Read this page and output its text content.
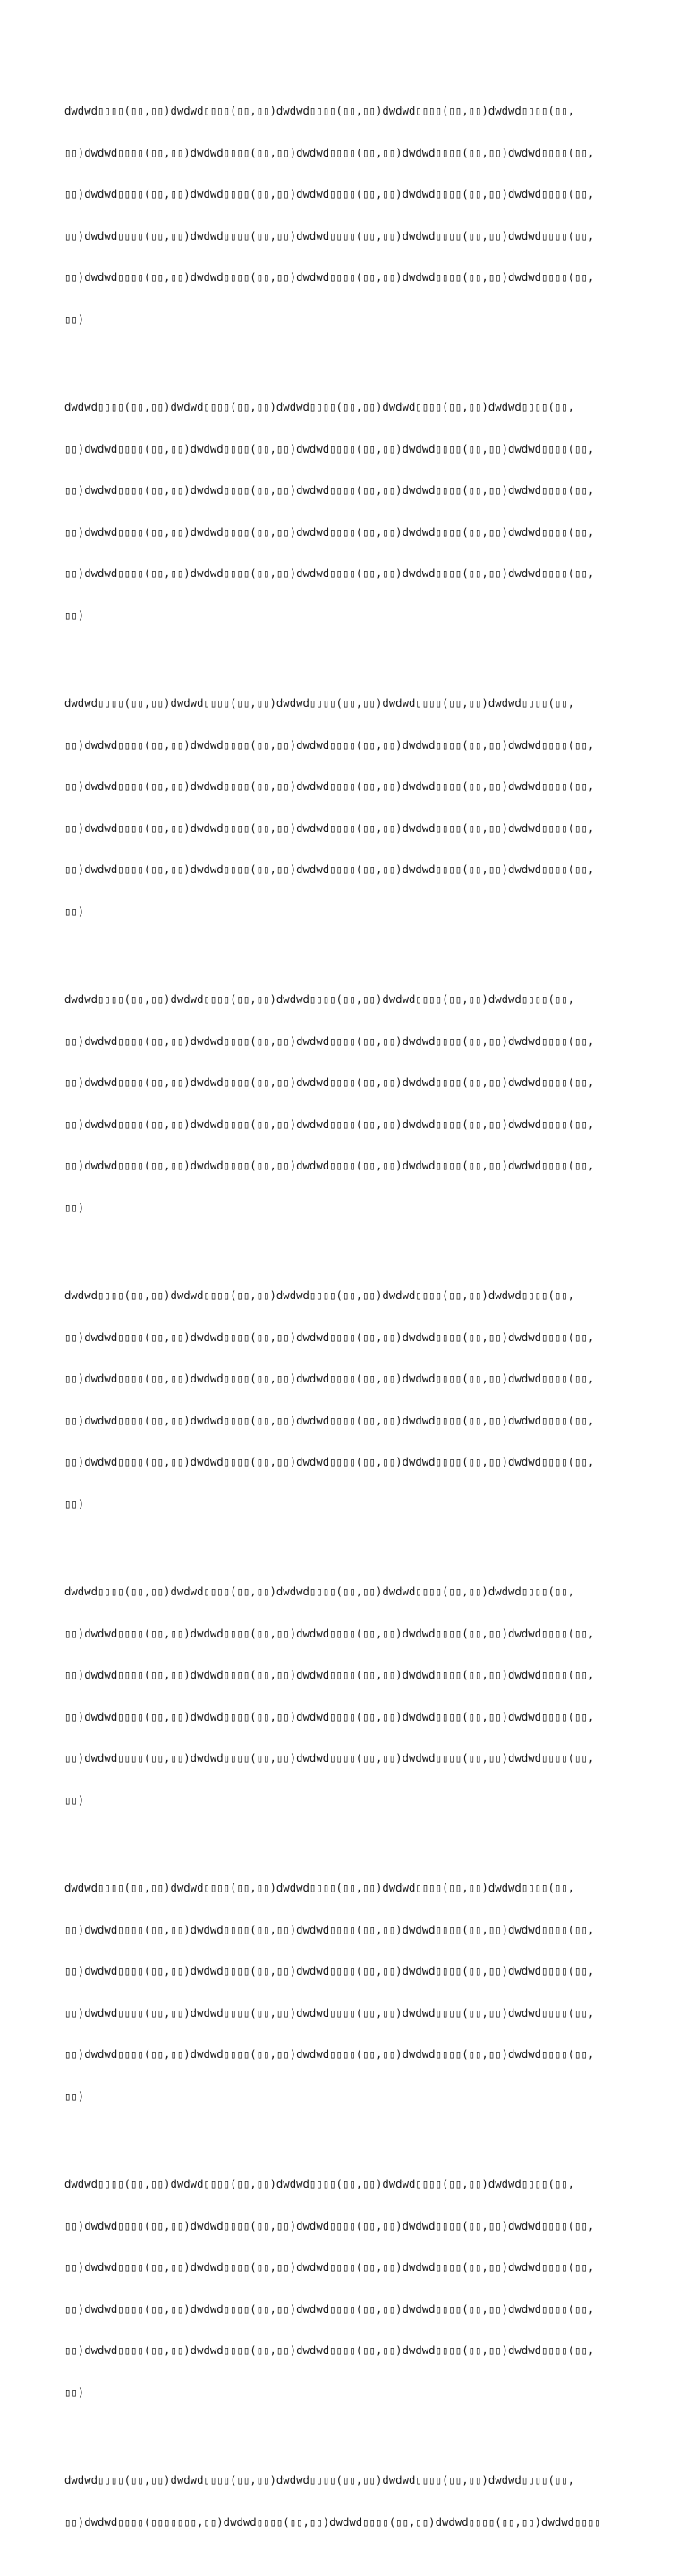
dwdwd▯▯▯▯(▯▯,▯▯)dwdwd▯▯▯▯(▯▯,▯▯)dwdwd▯▯▯▯(▯▯,▯▯)dwdwd▯▯▯▯(▯▯,▯▯)dwdwd▯▯▯▯(▯▯,

▯▯)dwdwd▯▯▯▯(▯▯,▯▯)dwdwd▯▯▯▯(▯▯,▯▯)dwdwd▯▯▯▯(▯▯,▯▯)dwdwd▯▯▯▯(▯▯,▯▯)dwdwd▯▯▯▯(▯▯,

▯▯)dwdwd▯▯▯▯(▯▯,▯▯)dwdwd▯▯▯▯(▯▯,▯▯)dwdwd▯▯▯▯(▯▯,▯▯)dwdwd▯▯▯▯(▯▯,▯▯)dwdwd▯▯▯▯(▯▯,

▯▯)dwdwd▯▯▯▯(▯▯,▯▯)dwdwd▯▯▯▯(▯▯,▯▯)dwdwd▯▯▯▯(▯▯,▯▯)dwdwd▯▯▯▯(▯▯,▯▯)dwdwd▯▯▯▯(▯▯,

▯▯)dwdwd▯▯▯▯(▯▯,▯▯)dwdwd▯▯▯▯(▯▯,▯▯)dwdwd▯▯▯▯(▯▯,▯▯)dwdwd▯▯▯▯(▯▯,▯▯)dwdwd▯▯▯▯(▯▯,

▯▯)

dwdwd▯▯▯▯(▯▯,▯▯)dwdwd▯▯▯▯(▯▯,▯▯)dwdwd▯▯▯▯(▯▯,▯▯)dwdwd▯▯▯▯(▯▯,▯▯)dwdwd▯▯▯▯(▯▯,

▯▯)dwdwd▯▯▯▯(▯▯,▯▯)dwdwd▯▯▯▯(▯▯,▯▯)dwdwd▯▯▯▯(▯▯,▯▯)dwdwd▯▯▯▯(▯▯,▯▯)dwdwd▯▯▯▯(▯▯,

▯▯)dwdwd▯▯▯▯(▯▯,▯▯)dwdwd▯▯▯▯(▯▯,▯▯)dwdwd▯▯▯▯(▯▯,▯▯)dwdwd▯▯▯▯(▯▯,▯▯)dwdwd▯▯▯▯(▯▯,

▯▯)dwdwd▯▯▯▯(▯▯,▯▯)dwdwd▯▯▯▯(▯▯,▯▯)dwdwd▯▯▯▯(▯▯,▯▯)dwdwd▯▯▯▯(▯▯,▯▯)dwdwd▯▯▯▯(▯▯,

▯▯)dwdwd▯▯▯▯(▯▯,▯▯)dwdwd▯▯▯▯(▯▯,▯▯)dwdwd▯▯▯▯(▯▯,▯▯)dwdwd▯▯▯▯(▯▯,▯▯)dwdwd▯▯▯▯(▯▯,

▯▯)

dwdwd▯▯▯▯(▯▯,▯▯)dwdwd▯▯▯▯(▯▯,▯▯)dwdwd▯▯▯▯(▯▯,▯▯)dwdwd▯▯▯▯(▯▯,▯▯)dwdwd▯▯▯▯(▯▯,

▯▯)dwdwd▯▯▯▯(▯▯,▯▯)dwdwd▯▯▯▯(▯▯,▯▯)dwdwd▯▯▯▯(▯▯,▯▯)dwdwd▯▯▯▯(▯▯,▯▯)dwdwd▯▯▯▯(▯▯,

▯▯)dwdwd▯▯▯▯(▯▯,▯▯)dwdwd▯▯▯▯(▯▯,▯▯)dwdwd▯▯▯▯(▯▯,▯▯)dwdwd▯▯▯▯(▯▯,▯▯)dwdwd▯▯▯▯(▯▯,

▯▯)dwdwd▯▯▯▯(▯▯,▯▯)dwdwd▯▯▯▯(▯▯,▯▯)dwdwd▯▯▯▯(▯▯,▯▯)dwdwd▯▯▯▯(▯▯,▯▯)dwdwd▯▯▯▯(▯▯,

▯▯)dwdwd▯▯▯▯(▯▯,▯▯)dwdwd▯▯▯▯(▯▯,▯▯)dwdwd▯▯▯▯(▯▯,▯▯)dwdwd▯▯▯▯(▯▯,▯▯)dwdwd▯▯▯▯(▯▯,

▯▯)

dwdwd▯▯▯▯(▯▯,▯▯)dwdwd▯▯▯▯(▯▯,▯▯)dwdwd▯▯▯▯(▯▯,▯▯)dwdwd▯▯▯▯(▯▯,▯▯)dwdwd▯▯▯▯(▯▯,

▯▯)dwdwd▯▯▯▯(▯▯,▯▯)dwdwd▯▯▯▯(▯▯,▯▯)dwdwd▯▯▯▯(▯▯,▯▯)dwdwd▯▯▯▯(▯▯,▯▯)dwdwd▯▯▯▯(▯▯,

▯▯)dwdwd▯▯▯▯(▯▯,▯▯)dwdwd▯▯▯▯(▯▯,▯▯)dwdwd▯▯▯▯(▯▯,▯▯)dwdwd▯▯▯▯(▯▯,▯▯)dwdwd▯▯▯▯(▯▯,

▯▯)dwdwd▯▯▯▯(▯▯,▯▯)dwdwd▯▯▯▯(▯▯,▯▯)dwdwd▯▯▯▯(▯▯,▯▯)dwdwd▯▯▯▯(▯▯,▯▯)dwdwd▯▯▯▯(▯▯,

▯▯)dwdwd▯▯▯▯(▯▯,▯▯)dwdwd▯▯▯▯(▯▯,▯▯)dwdwd▯▯▯▯(▯▯,▯▯)dwdwd▯▯▯▯(▯▯,▯▯)dwdwd▯▯▯▯(▯▯,

▯▯)

dwdwd▯▯▯▯(▯▯,▯▯)dwdwd▯▯▯▯(▯▯,▯▯)dwdwd▯▯▯▯(▯▯,▯▯)dwdwd▯▯▯▯(▯▯,▯▯)dwdwd▯▯▯▯(▯▯,

▯▯)dwdwd▯▯▯▯(▯▯,▯▯)dwdwd▯▯▯▯(▯▯,▯▯)dwdwd▯▯▯▯(▯▯,▯▯)dwdwd▯▯▯▯(▯▯,▯▯)dwdwd▯▯▯▯(▯▯,

▯▯)dwdwd▯▯▯▯(▯▯,▯▯)dwdwd▯▯▯▯(▯▯,▯▯)dwdwd▯▯▯▯(▯▯,▯▯)dwdwd▯▯▯▯(▯▯,▯▯)dwdwd▯▯▯▯(▯▯,

▯▯)dwdwd▯▯▯▯(▯▯,▯▯)dwdwd▯▯▯▯(▯▯,▯▯)dwdwd▯▯▯▯(▯▯,▯▯)dwdwd▯▯▯▯(▯▯,▯▯)dwdwd▯▯▯▯(▯▯,

▯▯)dwdwd▯▯▯▯(▯▯,▯▯)dwdwd▯▯▯▯(▯▯,▯▯)dwdwd▯▯▯▯(▯▯,▯▯)dwdwd▯▯▯▯(▯▯,▯▯)dwdwd▯▯▯▯(▯▯,

▯▯)

dwdwd▯▯▯▯(▯▯,▯▯)dwdwd▯▯▯▯(▯▯,▯▯)dwdwd▯▯▯▯(▯▯,▯▯)dwdwd▯▯▯▯(▯▯,▯▯)dwdwd▯▯▯▯(▯▯,

▯▯)dwdwd▯▯▯▯(▯▯,▯▯)dwdwd▯▯▯▯(▯▯,▯▯)dwdwd▯▯▯▯(▯▯,▯▯)dwdwd▯▯▯▯(▯▯,▯▯)dwdwd▯▯▯▯(▯▯,

▯▯)dwdwd▯▯▯▯(▯▯,▯▯)dwdwd▯▯▯▯(▯▯,▯▯)dwdwd▯▯▯▯(▯▯,▯▯)dwdwd▯▯▯▯(▯▯,▯▯)dwdwd▯▯▯▯(▯▯,

▯▯)dwdwd▯▯▯▯(▯▯,▯▯)dwdwd▯▯▯▯(▯▯,▯▯)dwdwd▯▯▯▯(▯▯,▯▯)dwdwd▯▯▯▯(▯▯,▯▯)dwdwd▯▯▯▯(▯▯,

▯▯)dwdwd▯▯▯▯(▯▯,▯▯)dwdwd▯▯▯▯(▯▯,▯▯)dwdwd▯▯▯▯(▯▯,▯▯)dwdwd▯▯▯▯(▯▯,▯▯)dwdwd▯▯▯▯(▯▯,

▯▯)

dwdwd▯▯▯▯(▯▯,▯▯)dwdwd▯▯▯▯(▯▯,▯▯)dwdwd▯▯▯▯(▯▯,▯▯)dwdwd▯▯▯▯(▯▯,▯▯)dwdwd▯▯▯▯(▯▯,

▯▯)dwdwd▯▯▯▯(▯▯,▯▯)dwdwd▯▯▯▯(▯▯,▯▯)dwdwd▯▯▯▯(▯▯,▯▯)dwdwd▯▯▯▯(▯▯,▯▯)dwdwd▯▯▯▯(▯▯,

▯▯)dwdwd▯▯▯▯(▯▯,▯▯)dwdwd▯▯▯▯(▯▯,▯▯)dwdwd▯▯▯▯(▯▯,▯▯)dwdwd▯▯▯▯(▯▯,▯▯)dwdwd▯▯▯▯(▯▯,

▯▯)dwdwd▯▯▯▯(▯▯,▯▯)dwdwd▯▯▯▯(▯▯,▯▯)dwdwd▯▯▯▯(▯▯,▯▯)dwdwd▯▯▯▯(▯▯,▯▯)dwdwd▯▯▯▯(▯▯,

▯▯)dwdwd▯▯▯▯(▯▯,▯▯)dwdwd▯▯▯▯(▯▯,▯▯)dwdwd▯▯▯▯(▯▯,▯▯)dwdwd▯▯▯▯(▯▯,▯▯)dwdwd▯▯▯▯(▯▯,

▯▯)

dwdwd▯▯▯▯(▯▯,▯▯)dwdwd▯▯▯▯(▯▯,▯▯)dwdwd▯▯▯▯(▯▯,▯▯)dwdwd▯▯▯▯(▯▯,▯▯)dwdwd▯▯▯▯(▯▯,

▯▯)dwdwd▯▯▯▯(▯▯,▯▯)dwdwd▯▯▯▯(▯▯,▯▯)dwdwd▯▯▯▯(▯▯,▯▯)dwdwd▯▯▯▯(▯▯,▯▯)dwdwd▯▯▯▯(▯▯,

▯▯)dwdwd▯▯▯▯(▯▯,▯▯)dwdwd▯▯▯▯(▯▯,▯▯)dwdwd▯▯▯▯(▯▯,▯▯)dwdwd▯▯▯▯(▯▯,▯▯)dwdwd▯▯▯▯(▯▯,

▯▯)dwdwd▯▯▯▯(▯▯,▯▯)dwdwd▯▯▯▯(▯▯,▯▯)dwdwd▯▯▯▯(▯▯,▯▯)dwdwd▯▯▯▯(▯▯,▯▯)dwdwd▯▯▯▯(▯▯,

▯▯)dwdwd▯▯▯▯(▯▯,▯▯)dwdwd▯▯▯▯(▯▯,▯▯)dwdwd▯▯▯▯(▯▯,▯▯)dwdwd▯▯▯▯(▯▯,▯▯)dwdwd▯▯▯▯(▯▯,

▯▯)

dwdwd▯▯▯▯(▯▯,▯▯)dwdwd▯▯▯▯(▯▯,▯▯)dwdwd▯▯▯▯(▯▯,▯▯)dwdwd▯▯▯▯(▯▯,▯▯)dwdwd▯▯▯▯(▯▯,

▯▯)dwdwd▯▯▯▯(▯▯▯▯▯▯▯,▯▯)dwdwd▯▯▯▯(▯▯,▯▯)dwdwd▯▯▯▯(▯▯,▯▯)dwdwd▯▯▯▯(▯▯,▯▯)dwdwd▯▯▯▯
